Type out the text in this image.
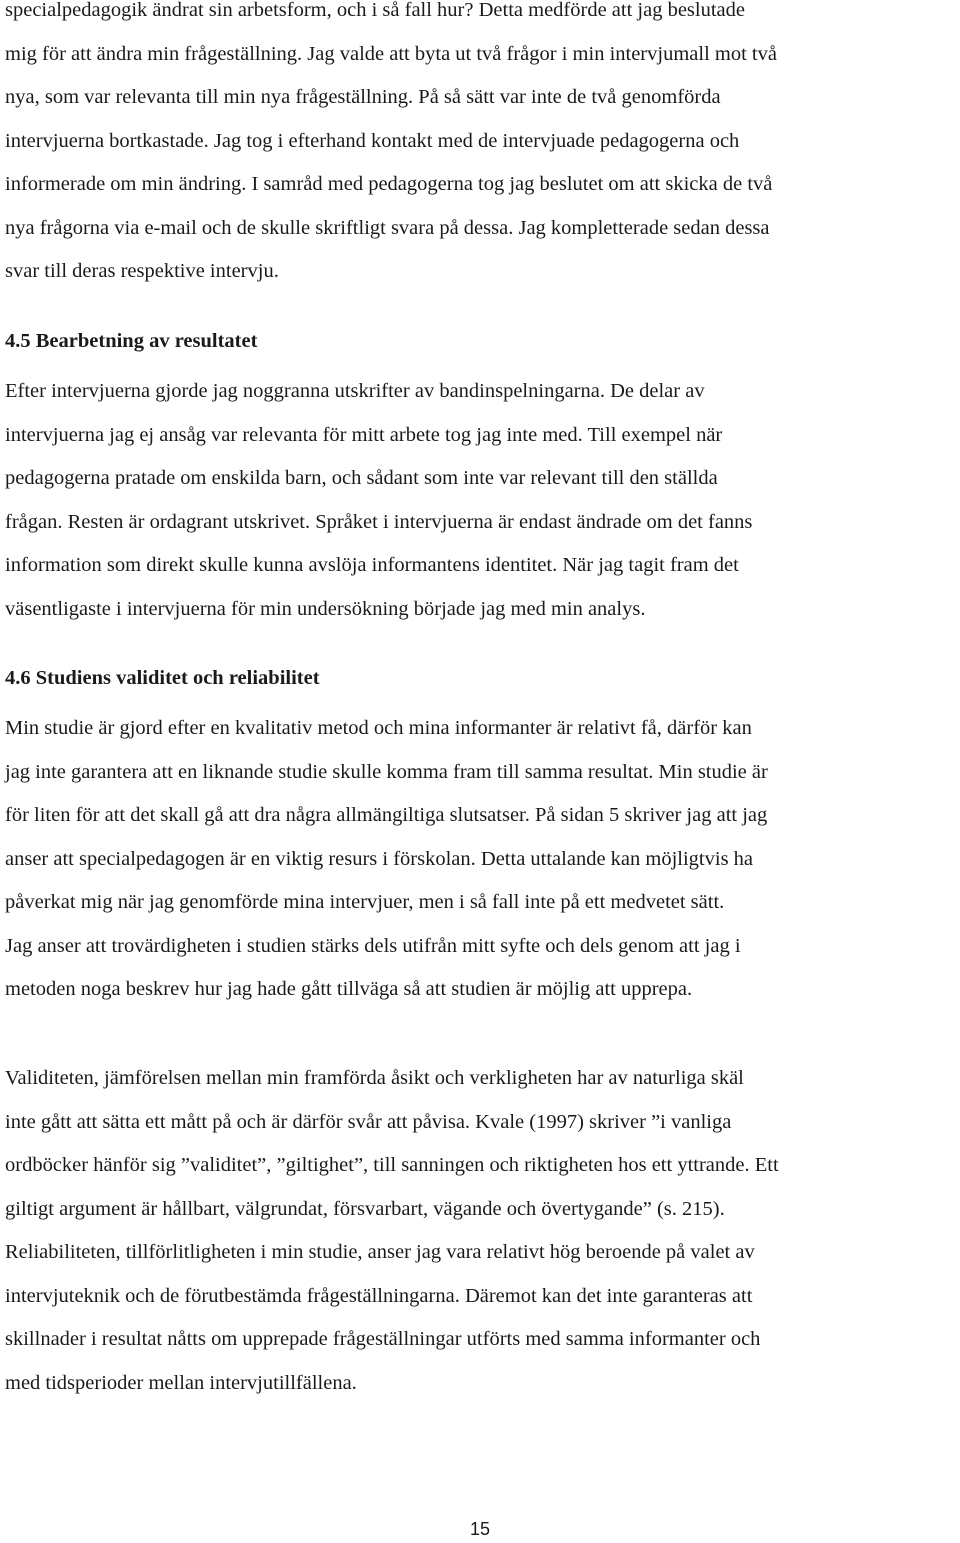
specialpedagogik ändrat sin arbetsform, och i så fall hur? Detta medförde att jag beslutade
mig för att ändra min frågeställning. Jag valde att byta ut två frågor i min intervjumall mot två
nya, som var relevanta till min nya frågeställning. På så sätt var inte de två genomförda
intervjuerna bortkastade. Jag tog i efterhand kontakt med de intervjuade pedagogerna och
informerade om min ändring. I samråd med pedagogerna tog jag beslutet om att skicka de två
nya frågorna via e-mail och de skulle skriftligt svara på dessa. Jag kompletterade sedan dessa
svar till deras respektive intervju.

4.5 Bearbetning av resultatet

Efter intervjuerna gjorde jag noggranna utskrifter av bandinspelningarna. De delar av
intervjuerna jag ej ansåg var relevanta för mitt arbete tog jag inte med. Till exempel när
pedagogerna pratade om enskilda barn, och sådant som inte var relevant till den ställda
frågan. Resten är ordagrant utskrivet. Språket i intervjuerna är endast ändrade om det fanns
information som direkt skulle kunna avslöja informantens identitet. När jag tagit fram det
väsentligaste i intervjuerna för min undersökning började jag med min analys.

4.6 Studiens validitet och reliabilitet

Min studie är gjord efter en kvalitativ metod och mina informanter är relativt få, därför kan
jag inte garantera att en liknande studie skulle komma fram till samma resultat. Min studie är
för liten för att det skall gå att dra några allmängiltiga slutsatser. På sidan 5 skriver jag att jag
anser att specialpedagogen är en viktig resurs i förskolan. Detta uttalande kan möjligtvis ha
påverkat mig när jag genomförde mina intervjuer, men i så fall inte på ett medvetet sätt.
Jag anser att trovärdigheten i studien stärks dels utifrån mitt syfte och dels genom att jag i
metoden noga beskrev hur jag hade gått tillväga så att studien är möjlig att upprepa.

Validiteten, jämförelsen mellan min framförda åsikt och verkligheten har av naturliga skäl
inte gått att sätta ett mått på och är därför svår att påvisa. Kvale (1997) skriver ”i vanliga
ordböcker hänför sig ”validitet”, ”giltighet”, till sanningen och riktigheten hos ett yttrande. Ett
giltigt argument är hållbart, välgrundat, försvarbart, vägande och övertygande” (s. 215).
Reliabiliteten, tillförlitligheten i min studie, anser jag vara relativt hög beroende på valet av
intervjuteknik och de förutbestämda frågeställningarna. Däremot kan det inte garanteras att
skillnader i resultat nåtts om upprepade frågeställningar utförts med samma informanter och
med tidsperioder mellan intervjutillfällena.

15
